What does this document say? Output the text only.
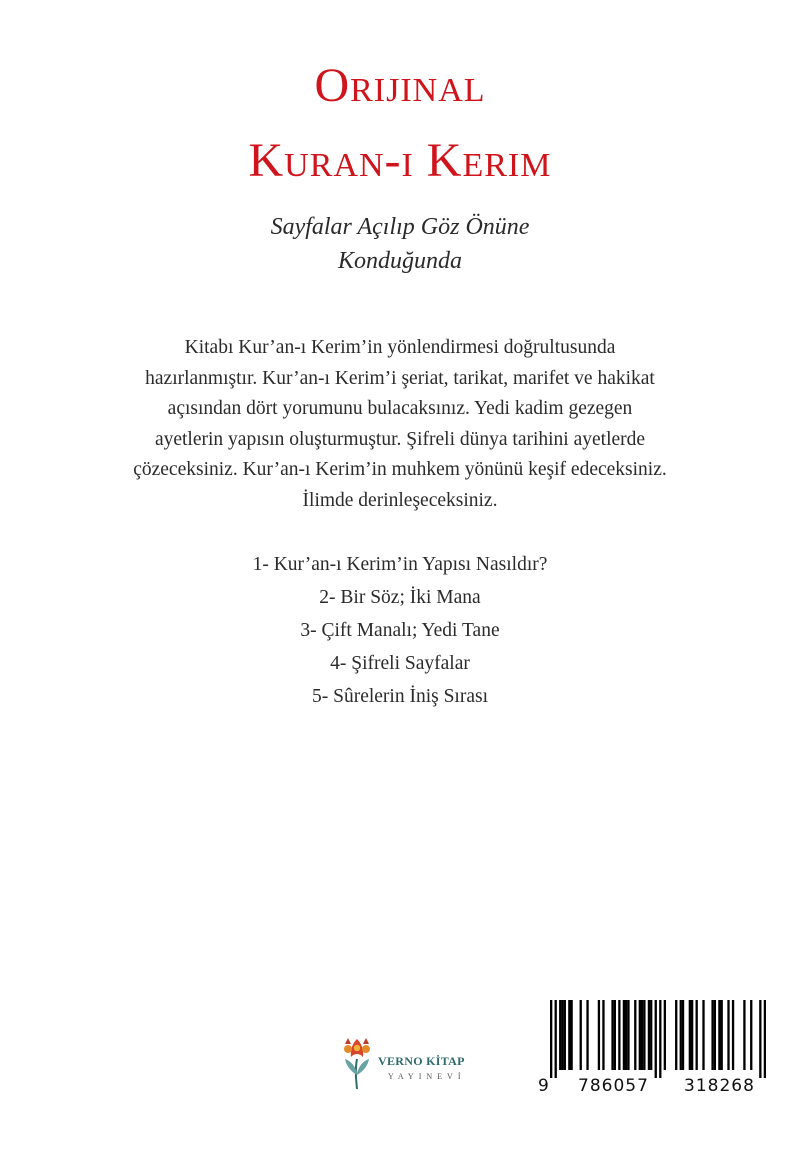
Orijinal
Kuran-ı Kerim
Sayfalar Açılıp Göz Önüne
Konduğunda
Kitabı Kur’an-ı Kerim’in yönlendirmesi doğrultusunda
hazırlanmıştır. Kur’an-ı Kerim’i şeriat, tarikat, marifet ve hakikat
açısından dört yorumunu bulacaksınız. Yedi kadim gezegen
ayetlerin yapısın oluşturmuştur. Şifreli dünya tarihini ayetlerde
çözeceksiniz. Kur’an-ı Kerim’in muhkem yönünü keşif edeceksiniz.
İlimde derinleşeceksiniz.
1- Kur’an-ı Kerim’in Yapısı Nasıldır?
2- Bir Söz; İki Mana
3- Çift Manalı; Yedi Tane
4- Şifreli Sayfalar
5- Sûrelerin İniş Sırası
VERNO KİTAP
YAYINEVİ	9 786057 318268
